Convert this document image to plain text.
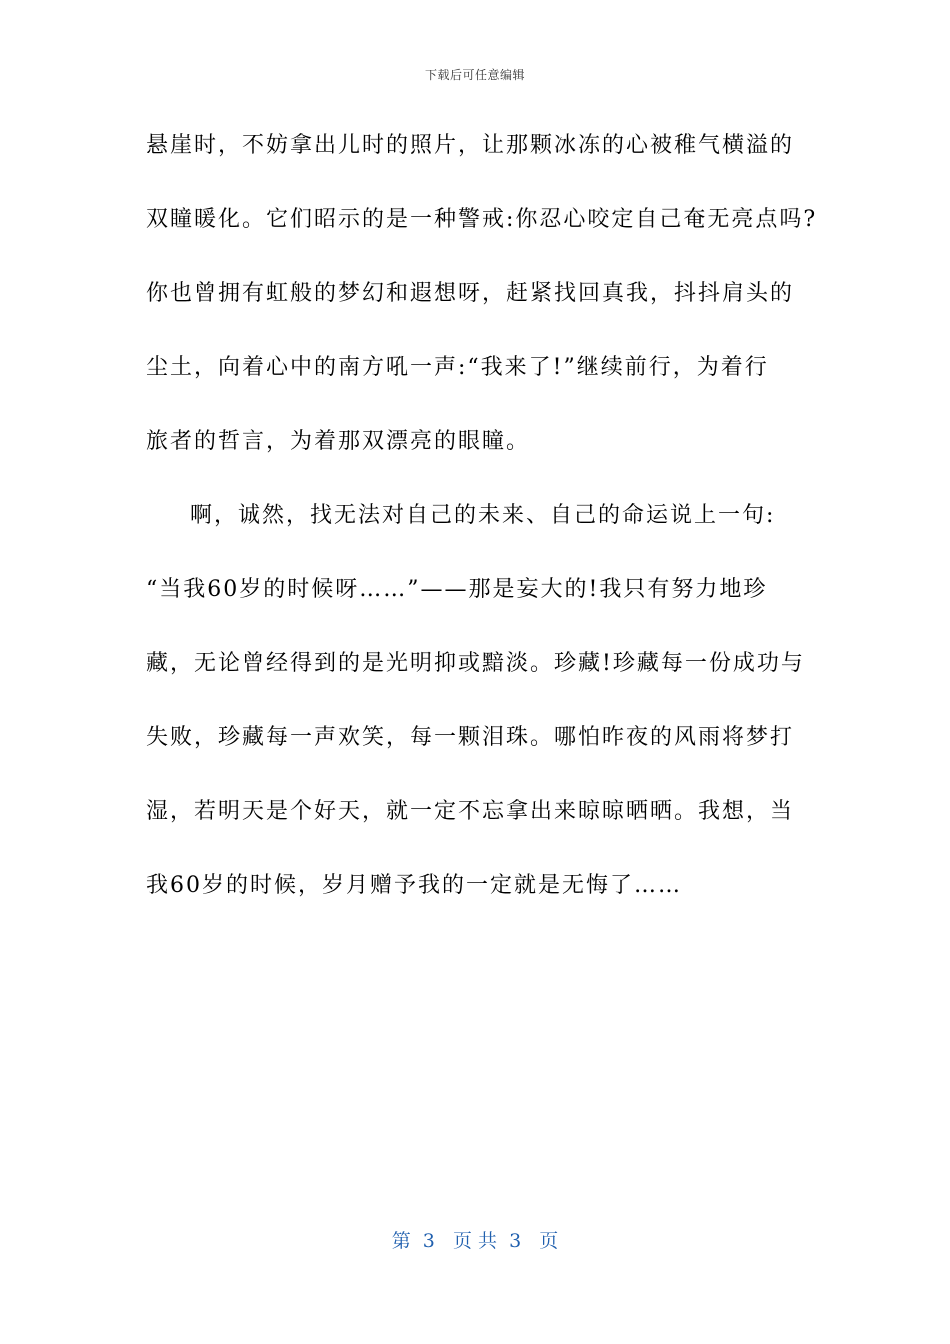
下载后可任意编辑
悬崖时，不妨拿出儿时的照片，让那颗冰冻的心被稚气横溢的
双瞳暖化。它们昭示的是一种警戒:你忍心咬定自己奄无亮点吗?
你也曾拥有虹般的梦幻和遐想呀，赶紧找回真我，抖抖肩头的
尘土，向着心中的南方吼一声:“我来了!”继续前行，为着行
旅者的哲言，为着那双漂亮的眼瞳。
啊，诚然，找无法对自己的未来、自己的命运说上一句:
“当我60岁的时候呀……”——那是妄大的!我只有努力地珍
藏，无论曾经得到的是光明抑或黯淡。珍藏!珍藏每一份成功与
失败，珍藏每一声欢笑，每一颗泪珠。哪怕昨夜的风雨将梦打
湿，若明天是个好天，就一定不忘拿出来晾晾晒晒。我想，当
我60岁的时候，岁月赠予我的一定就是无悔了……
第  3   页 共  3   页
